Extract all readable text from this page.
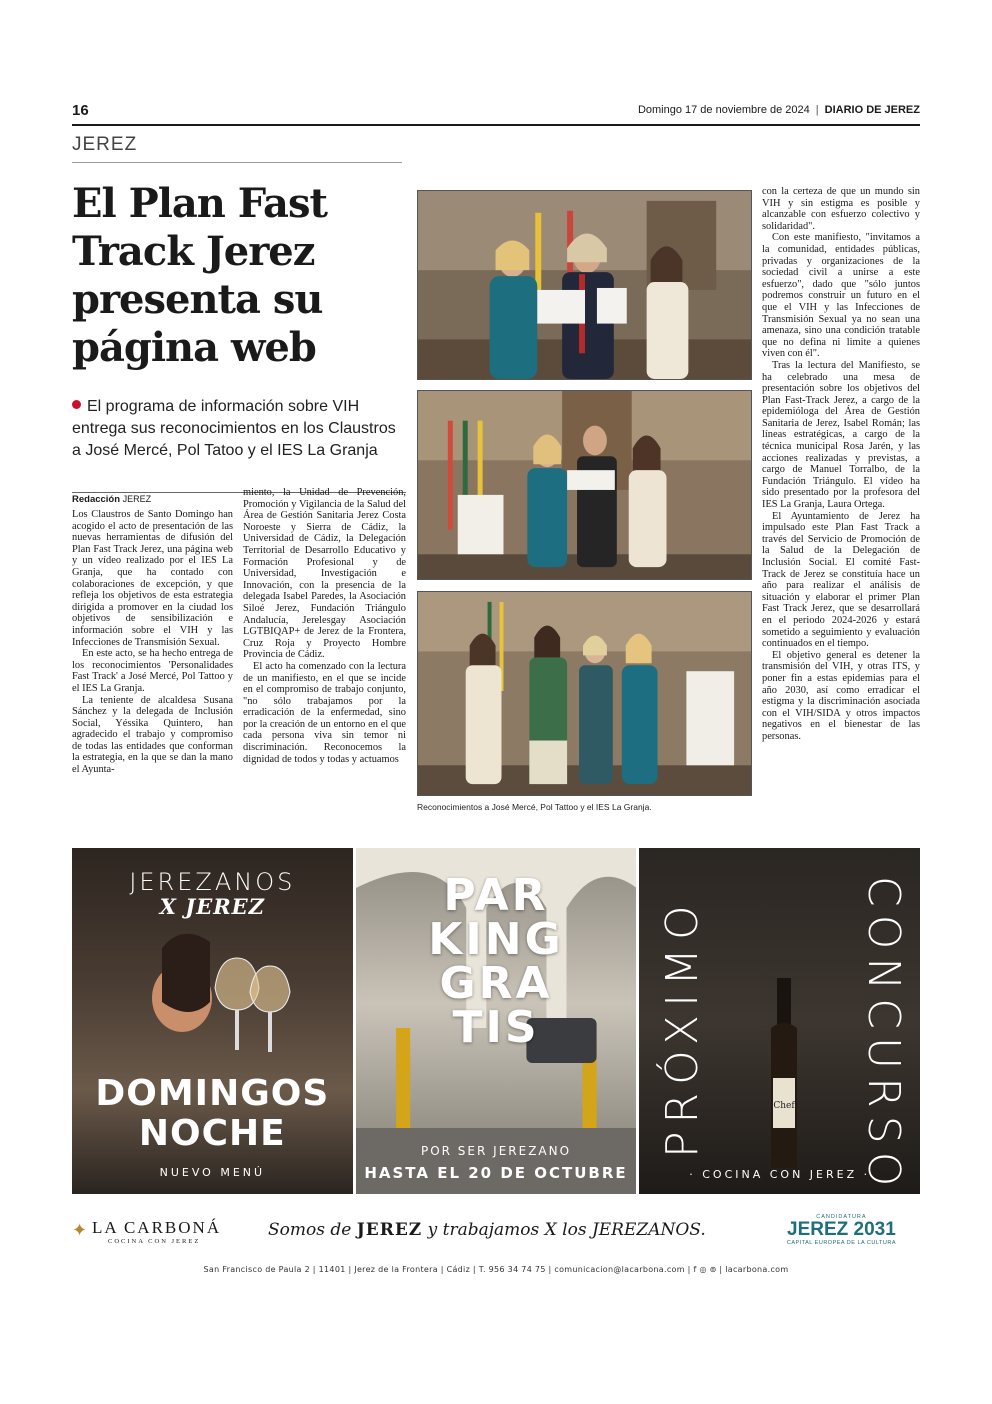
16	Domingo 17 de noviembre de 2024 | DIARIO DE JEREZ
JEREZ
El Plan Fast Track Jerez presenta su página web
El programa de información sobre VIH entrega sus reconocimientos en los Claustros a José Mercé, Pol Tatoo y el IES La Granja
Redacción JEREZ

Los Claustros de Santo Domingo han acogido el acto de presentación de las nuevas herramientas de difusión del Plan Fast Track Jerez, una página web y un vídeo realizado por el IES La Granja, que ha contado con colaboraciones de excepción, y que refleja los objetivos de esta estrategia dirigida a promover en la ciudad los objetivos de sensibilización e información sobre el VIH y las Infecciones de Transmisión Sexual.

En este acto, se ha hecho entrega de los reconocimientos 'Personalidades Fast Track' a José Mercé, Pol Tattoo y el IES La Granja.

La teniente de alcaldesa Susana Sánchez y la delegada de Inclusión Social, Yéssika Quintero, han agradecido el trabajo y compromiso de todas las entidades que conforman la estrategia, en la que se dan la mano el Ayunta-

miento, la Unidad de Prevención, Promoción y Vigilancia de la Salud del Área de Gestión Sanitaria Jerez Costa Noroeste y Sierra de Cádiz, la Universidad de Cádiz, la Delegación Territorial de Desarrollo Educativo y Formación Profesional y de Universidad, Investigación e Innovación, con la presencia de la delegada Isabel Paredes, la Asociación Siloé Jerez, Fundación Triángulo Andalucía, Jerelesgay Asociación LGTBIQAP+ de Jerez de la Frontera, Cruz Roja y Proyecto Hombre Provincia de Cádiz.

El acto ha comenzado con la lectura de un manifiesto, en el que se incide en el compromiso de trabajo conjunto, "no sólo trabajamos por la erradicación de la enfermedad, sino por la creación de un entorno en el que cada persona viva sin temor ni discriminación. Reconocemos la dignidad de todos y todas y actuamos

con la certeza de que un mundo sin VIH y sin estigma es posible y alcanzable con esfuerzo colectivo y solidaridad".

Con este manifiesto, "invitamos a la comunidad, entidades públicas, privadas y organizaciones de la sociedad civil a unirse a este esfuerzo", dado que "sólo juntos podremos construir un futuro en el que el VIH y las Infecciones de Transmisión Sexual ya no sean una amenaza, sino una condición tratable que no defina ni limite a quienes viven con él".

Tras la lectura del Manifiesto, se ha celebrado una mesa de presentación sobre los objetivos del Plan Fast-Track Jerez, a cargo de la epidemióloga del Área de Gestión Sanitaria de Jerez, Isabel Román; las líneas estratégicas, a cargo de la técnica municipal Rosa Jarén, y las acciones realizadas y previstas, a cargo de Manuel Torralbo, de la Fundación Triángulo. El vídeo ha sido presentado por la profesora del IES La Granja, Laura Ortega.

El Ayuntamiento de Jerez ha impulsado este Plan Fast Track a través del Servicio de Promoción de la Salud de la Delegación de Inclusión Social. El comité Fast-Track de Jerez se constituía hace un año para realizar el análisis de situación y elaborar el primer Plan Fast Track Jerez, que se desarrollará en el periodo 2024-2026 y estará sometido a seguimiento y evaluación continuados en el tiempo.

El objetivo general es detener la transmisión del VIH, y otras ITS, y poner fin a estas epidemias para el año 2030, así como erradicar el estigma y la discriminación asociada con el VIH/SIDA y otros impactos negativos en el bienestar de las personas.

Reconocimientos a José Mercé, Pol Tattoo y el IES La Granja.
JEREZANOS
X JEREZ
DOMINGOS NOCHE
NUEVO MENÚ
PAR
KING
GRA
TIS
POR SER JEREZANO
HASTA EL 20 DE OCTUBRE
PRÓXIMO	CONCURSO
Chef
· COCINA CON JEREZ ·
✦ LA CARBONÁ
COCINA CON JEREZ
Somos de JEREZ y trabajamos X los JEREZANOS.
CANDIDATURA
JEREZ 2031
CAPITAL EUROPEA DE LA CULTURA
San Francisco de Paula 2 | 11401 | Jerez de la Frontera | Cádiz | T. 956 34 74 75 | comunicacion@lacarbona.com | f ◎ ⊚ | lacarbona.com
